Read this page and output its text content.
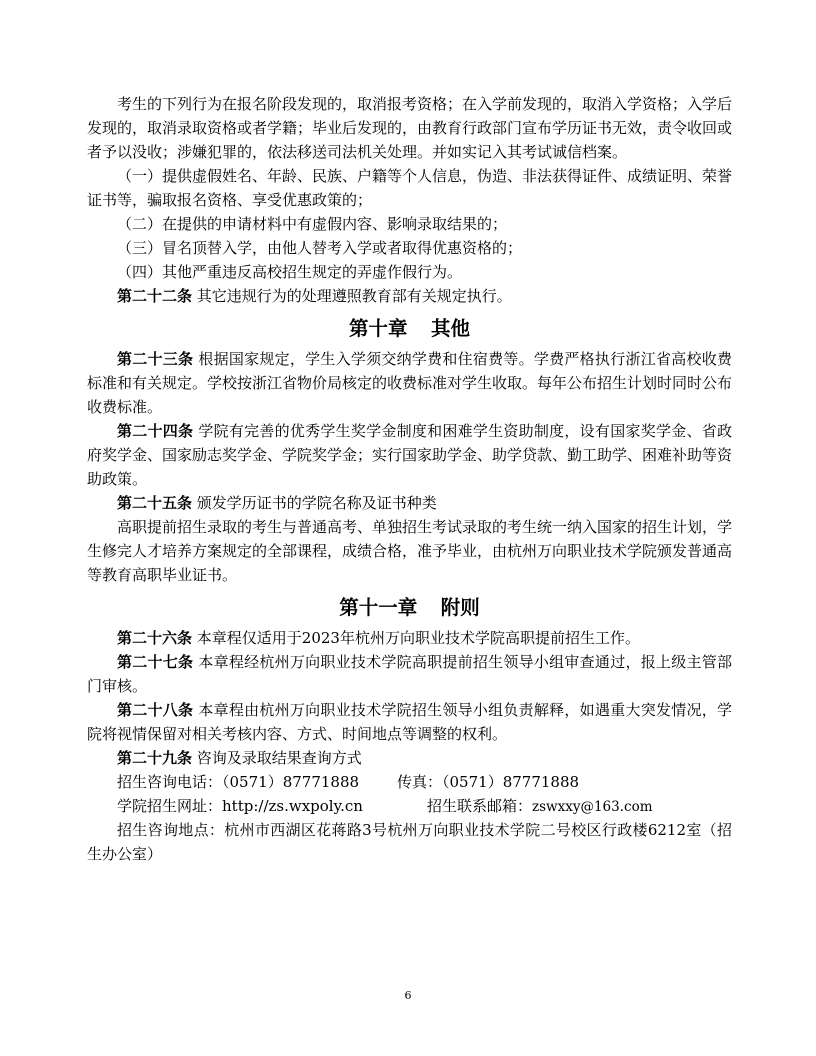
考生的下列行为在报名阶段发现的，取消报考资格；在入学前发现的，取消入学资格；入学后发现的，取消录取资格或者学籍；毕业后发现的，由教育行政部门宣布学历证书无效，责令收回或者予以没收；涉嫌犯罪的，依法移送司法机关处理。并如实记入其考试诚信档案。

（一）提供虚假姓名、年龄、民族、户籍等个人信息，伪造、非法获得证件、成绩证明、荣誉证书等，骗取报名资格、享受优惠政策的；

（二）在提供的申请材料中有虚假内容、影响录取结果的；

（三）冒名顶替入学，由他人替考入学或者取得优惠资格的；

（四）其他严重违反高校招生规定的弄虚作假行为。

第二十二条 其它违规行为的处理遵照教育部有关规定执行。

第十章 其他

第二十三条 根据国家规定，学生入学须交纳学费和住宿费等。学费严格执行浙江省高校收费标准和有关规定。学校按浙江省物价局核定的收费标准对学生收取。每年公布招生计划时同时公布收费标准。

第二十四条 学院有完善的优秀学生奖学金制度和困难学生资助制度，设有国家奖学金、省政府奖学金、国家励志奖学金、学院奖学金；实行国家助学金、助学贷款、勤工助学、困难补助等资助政策。

第二十五条 颁发学历证书的学院名称及证书种类

高职提前招生录取的考生与普通高考、单独招生考试录取的考生统一纳入国家的招生计划，学生修完人才培养方案规定的全部课程，成绩合格，准予毕业，由杭州万向职业技术学院颁发普通高等教育高职毕业证书。

第十一章 附则

第二十六条 本章程仅适用于2023年杭州万向职业技术学院高职提前招生工作。

第二十七条 本章程经杭州万向职业技术学院高职提前招生领导小组审查通过，报上级主管部门审核。

第二十八条 本章程由杭州万向职业技术学院招生领导小组负责解释，如遇重大突发情况，学院将视情保留对相关考核内容、方式、时间地点等调整的权利。

第二十九条 咨询及录取结果查询方式

招生咨询电话：（0571）87771888	传真：（0571）87771888

学院招生网址：http://zs.wxpoly.cn	招生联系邮箱：zswxxy@163.com

招生咨询地点：杭州市西湖区花蒋路3号杭州万向职业技术学院二号校区行政楼6212室（招生办公室）

6
